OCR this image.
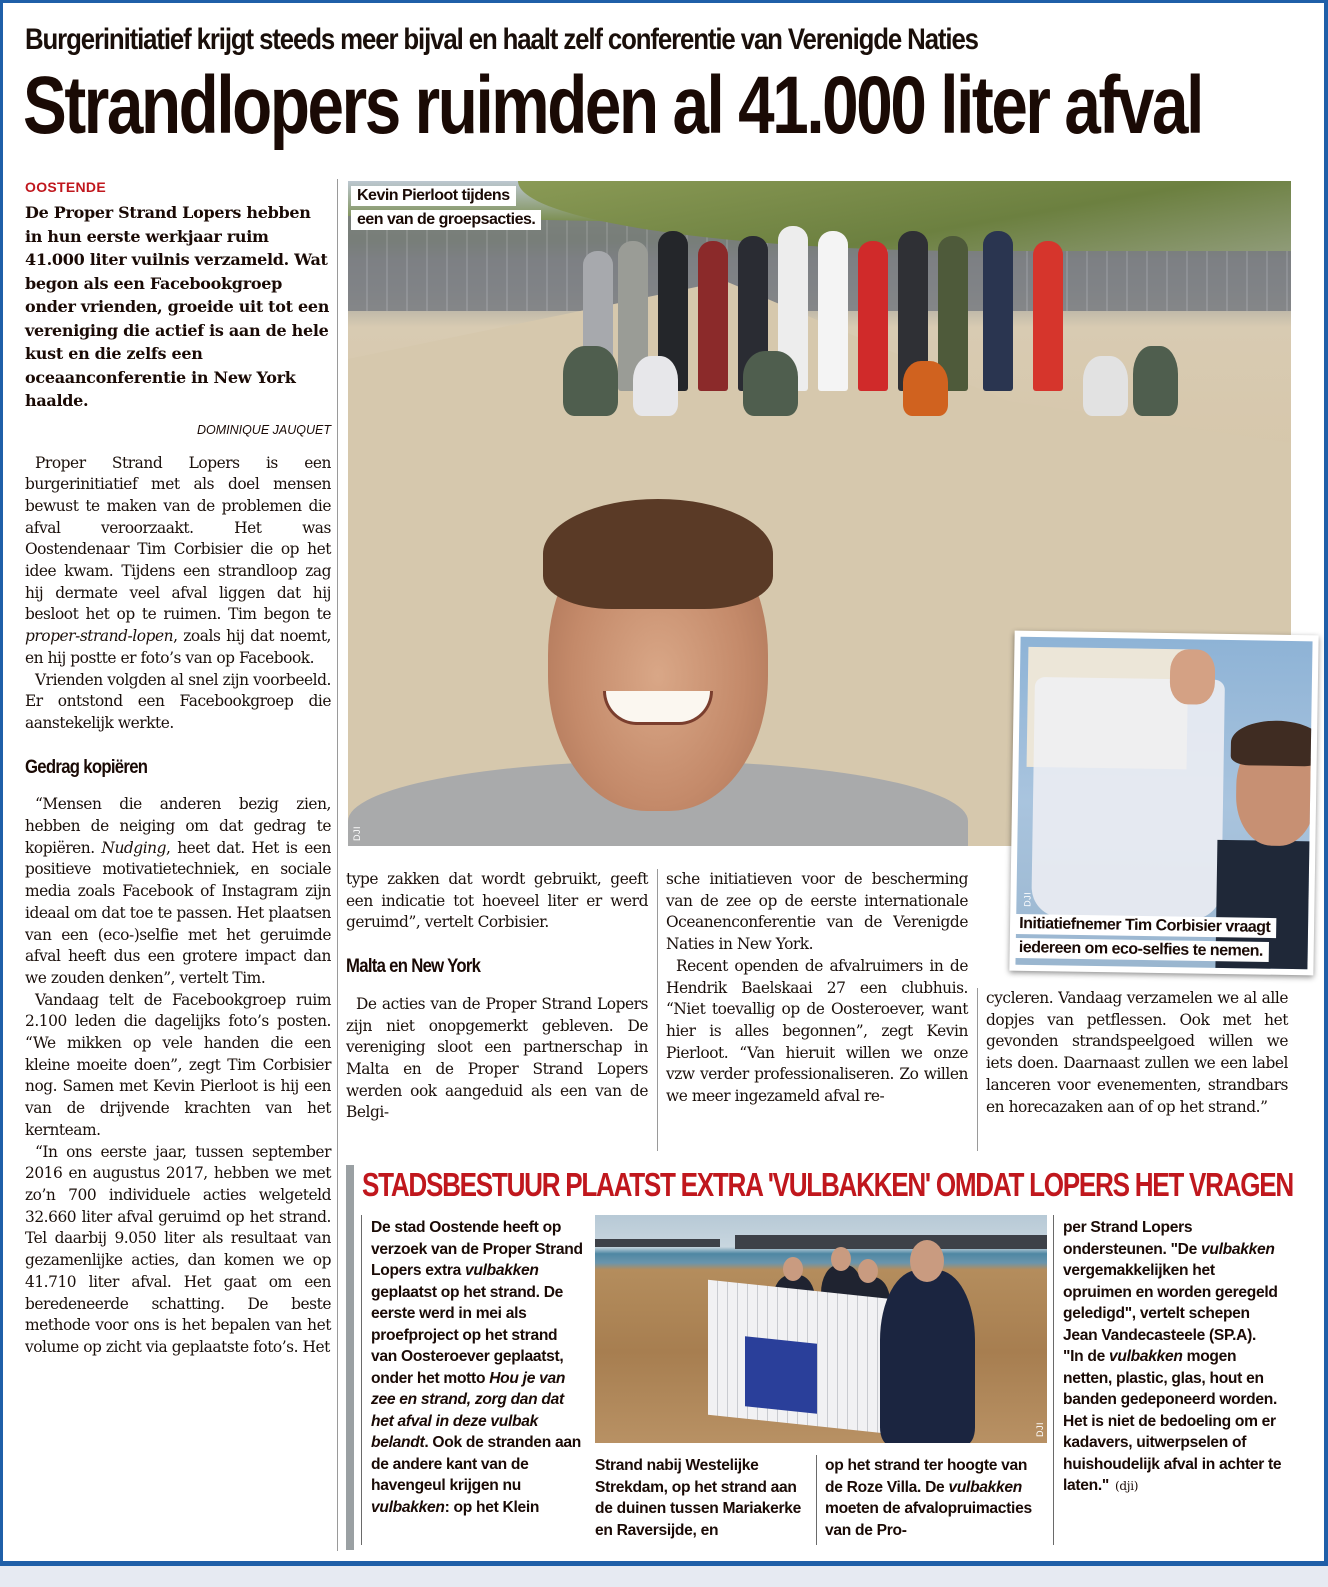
Burgerinitiatief krijgt steeds meer bijval en haalt zelf conferentie van Verenigde Naties
Strandlopers ruimden al 41.000 liter afval
OOSTENDE
De Proper Strand Lopers hebben in hun eerste werkjaar ruim 41.000 liter vuilnis verzameld. Wat begon als een Facebookgroep onder vrienden, groeide uit tot een vereniging die actief is aan de hele kust en die zelfs een oceaanconferentie in New York haalde.
DOMINIQUE JAUQUET

Proper Strand Lopers is een burgerinitiatief met als doel mensen bewust te maken van de problemen die afval veroorzaakt. Het was Oostendenaar Tim Corbisier die op het idee kwam. Tijdens een strandloop zag hij dermate veel afval liggen dat hij besloot het op te ruimen. Tim begon te proper-strand-lopen, zoals hij dat noemt, en hij postte er foto’s van op Facebook.

Vrienden volgden al snel zijn voorbeeld. Er ontstond een Facebookgroep die aanstekelijk werkte.

Gedrag kopiëren

“Mensen die anderen bezig zien, hebben de neiging om dat gedrag te kopiëren. Nudging, heet dat. Het is een positieve motivatietechniek, en sociale media zoals Facebook of Instagram zijn ideaal om dat toe te passen. Het plaatsen van een (eco-)selfie met het geruimde afval heeft dus een grotere impact dan we zouden denken”, vertelt Tim.

Vandaag telt de Facebookgroep ruim 2.100 leden die dagelijks foto’s posten. “We mikken op vele handen die een kleine moeite doen”, zegt Tim Corbisier nog. Samen met Kevin Pierloot is hij een van de drijvende krachten van het kernteam.

“In ons eerste jaar, tussen september 2016 en augustus 2017, hebben we met zo’n 700 individuele acties welgeteld 32.660 liter afval geruimd op het strand. Tel daarbij 9.050 liter als resultaat van gezamenlijke acties, dan komen we op 41.710 liter afval. Het gaat om een beredeneerde schatting. De beste methode voor ons is het bepalen van het volume op zicht via geplaatste foto’s. Het

DJI
Kevin Pierloot tijdens
een van de groepsacties.
DJI
Initiatiefnemer Tim Corbisier vraagt
iedereen om eco-selfies te nemen.

type zakken dat wordt gebruikt, geeft een indicatie tot hoeveel liter er werd geruimd”, vertelt Corbisier.

Malta en New York

De acties van de Proper Strand Lopers zijn niet onopgemerkt gebleven. De vereniging sloot een partnerschap in Malta en de Proper Strand Lopers werden ook aangeduid als een van de Belgi-

sche initiatieven voor de bescherming van de zee op de eerste internationale Oceanenconferentie van de Verenigde Naties in New York.

Recent openden de afvalruimers in de Hendrik Baelskaai 27 een clubhuis. “Niet toevallig op de Oosteroever, want hier is alles begonnen”, zegt Kevin Pierloot. “Van hieruit willen we onze vzw verder professionaliseren. Zo willen we meer ingezameld afval re-

cycleren. Vandaag verzamelen we al alle dopjes van petflessen. Ook met het gevonden strandspeelgoed willen we iets doen. Daarnaast zullen we een label lanceren voor evenementen, strandbars en horecazaken aan of op het strand.”

STADSBESTUUR PLAATST EXTRA 'VULBAKKEN' OMDAT LOPERS HET VRAGEN
De stad Oostende heeft op verzoek van de Proper Strand Lopers extra vulbakken geplaatst op het strand. De eerste werd in mei als proefproject op het strand van Oosteroever geplaatst, onder het motto Hou je van zee en strand, zorg dan dat het afval in deze vulbak belandt. Ook de stranden aan de andere kant van de havengeul krijgen nu vulbakken: op het Klein
DJI
Strand nabij Westelijke Strekdam, op het strand aan de duinen tussen Mariakerke en Raversijde, en
op het strand ter hoogte van de Roze Villa. De vulbakken moeten de afvalopruimacties van de Pro-
per Strand Lopers ondersteunen. "De vulbakken vergemakkelijken het opruimen en worden geregeld geledigd", vertelt schepen Jean Vandecasteele (SP.A).
"In de vulbakken mogen netten, plastic, glas, hout en banden gedeponeerd worden. Het is niet de bedoeling om er kadavers, uitwerpselen of huishoudelijk afval in achter te laten." (dji)
